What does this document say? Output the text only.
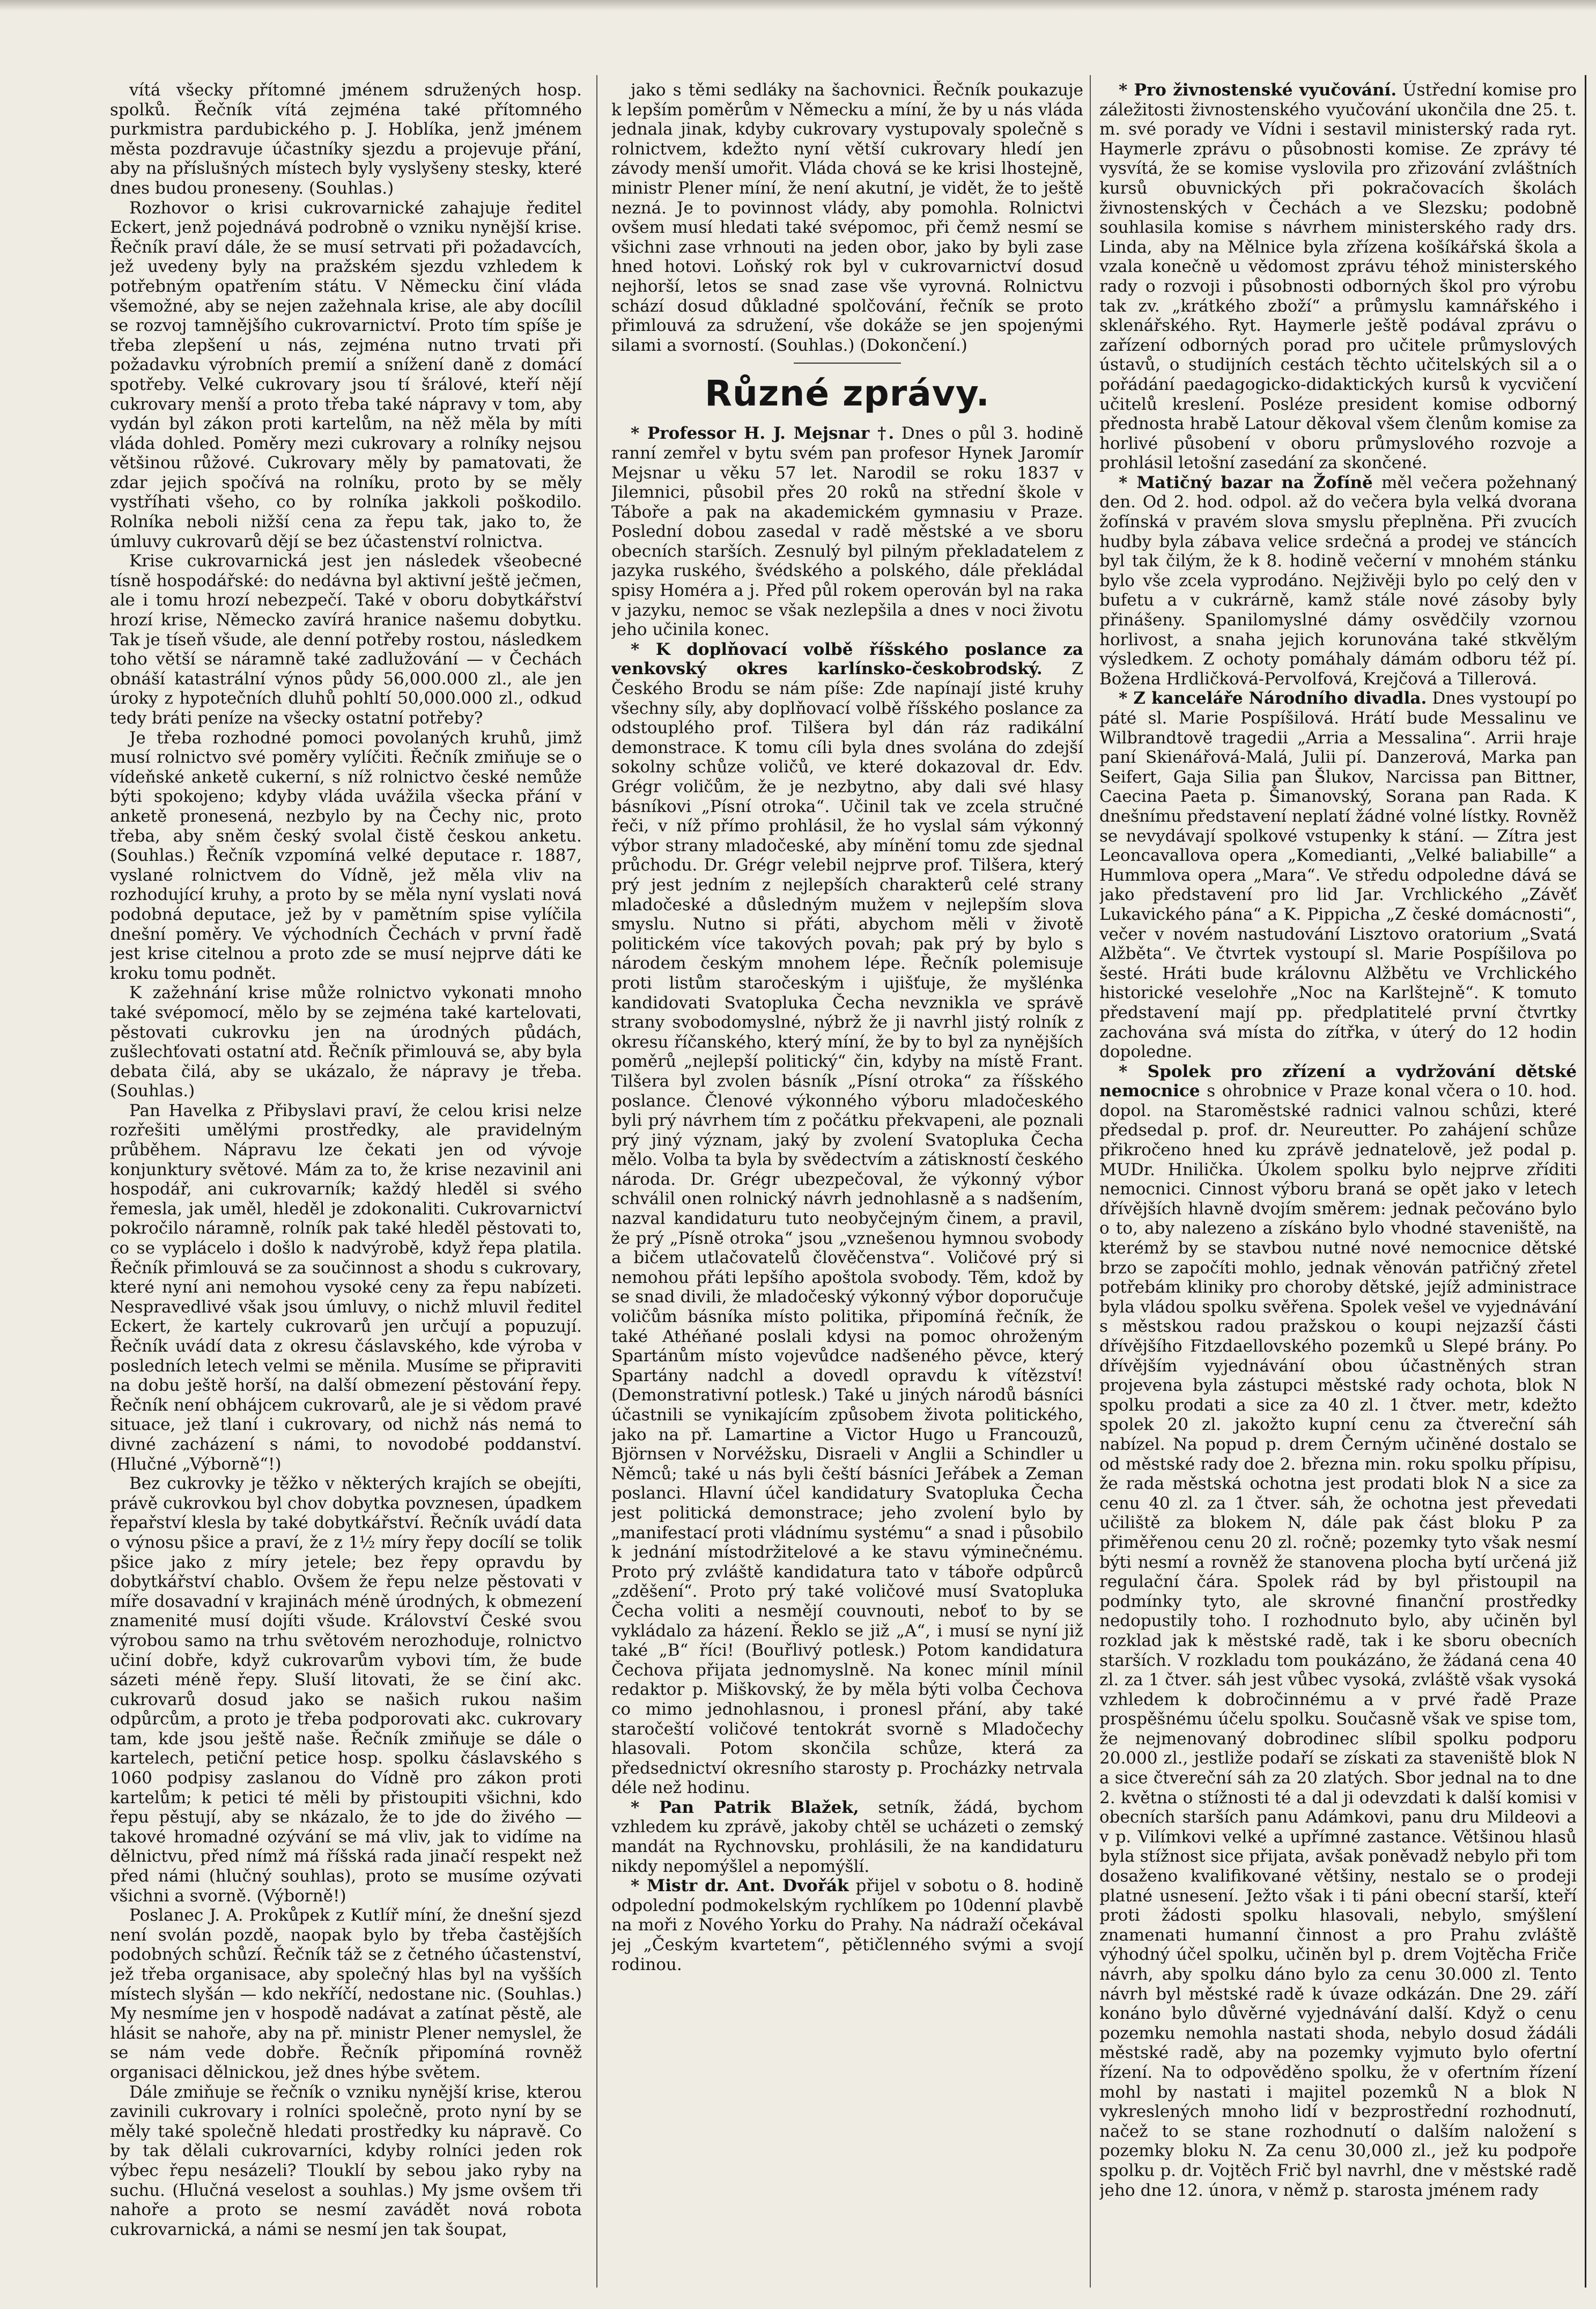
vítá všecky přítomné jménem sdružených hosp. spolků. Řečník vítá zejména také přítomného purkmistra pardubického p. J. Hoblíka, jenž jménem města pozdravuje účastníky sjezdu a projevuje přání, aby na příslušných místech byly vyslyšeny stesky, které dnes budou proneseny. (Souhlas.)

Rozhovor o krisi cukrovarnické zahajuje ředitel Eckert, jenž pojednává podrobně o vzniku nynější krise. Řečník praví dále, že se musí setrvati při požadavcích, jež uvedeny byly na pražském sjezdu vzhledem k potřebným opatřením státu. V Německu činí vláda všemožné, aby se nejen zažehnala krise, ale aby docílil se rozvoj tamnějšího cukrovarnictví. Proto tím spíše je třeba zlepšení u nás, zejména nutno trvati při požadavku výrobních premií a snížení daně z domácí spotřeby. Velké cukrovary jsou tí šrálové, kteří nějí cukrovary menší a proto třeba také nápravy v tom, aby vydán byl zákon proti kartelům, na něž měla by míti vláda dohled. Poměry mezi cukrovary a rolníky nejsou většinou růžové. Cukrovary měly by pamatovati, že zdar jejich spočívá na rolníku, proto by se měly vystříhati všeho, co by rolníka jakkoli poškodilo. Rolníka neboli nižší cena za řepu tak, jako to, že úmluvy cukrovarů dějí se bez účastenství rolnictva.

Krise cukrovarnická jest jen následek všeobecné tísně hospodářské: do nedávna byl aktivní ještě ječmen, ale i tomu hrozí nebezpečí. Také v oboru dobytkářství hrozí krise, Německo zavírá hranice našemu dobytku. Tak je tíseň všude, ale denní potřeby rostou, následkem toho větší se náramně také zadlužování — v Čechách obnáší katastrální výnos půdy 56,000.000 zl., ale jen úroky z hypotečních dluhů pohltí 50,000.000 zl., odkud tedy bráti peníze na všecky ostatní potřeby?

Je třeba rozhodné pomoci povolaných kruhů, jimž musí rolnictvo své poměry vylíčiti. Řečník zmiňuje se o vídeňské anketě cukerní, s níž rolnictvo české nemůže býti spokojeno; kdyby vláda uvážila všecka přání v anketě pronesená, nezbylo by na Čechy nic, proto třeba, aby sněm český svolal čistě českou anketu. (Souhlas.) Řečník vzpomíná velké deputace r. 1887, vyslané rolnictvem do Vídně, jež měla vliv na rozhodující kruhy, a proto by se měla nyní vyslati nová podobná deputace, jež by v pamětním spise vylíčila dnešní poměry. Ve východních Čechách v první řadě jest krise citelnou a proto zde se musí nejprve dáti ke kroku tomu podnět.

K zažehnání krise může rolnictvo vykonati mnoho také svépomocí, mělo by se zejména také kartelovati, pěstovati cukrovku jen na úrodných půdách, zušlechťovati ostatní atd. Řečník přimlouvá se, aby byla debata čilá, aby se ukázalo, že nápravy je třeba. (Souhlas.)

Pan Havelka z Přibyslavi praví, že celou krisi nelze rozřešiti umělými prostředky, ale pravidelným průběhem. Nápravu lze čekati jen od vývoje konjunktury světové. Mám za to, že krise nezavinil ani hospodář, ani cukrovarník; každý hleděl si svého řemesla, jak uměl, hleděl je zdokonaliti. Cukrovarnictví pokročilo náramně, rolník pak také hleděl pěstovati to, co se vyplácelo i došlo k nadvýrobě, když řepa platila. Řečník přimlouvá se za součinnost a shodu s cukrovary, které nyní ani nemohou vysoké ceny za řepu nabízeti. Nespravedlivé však jsou úmluvy, o nichž mluvil ředitel Eckert, že kartely cukrovarů jen určují a popuzují. Řečník uvádí data z okresu čáslavského, kde výroba v posledních letech velmi se měnila. Musíme se připraviti na dobu ještě horší, na další obmezení pěstování řepy. Řečník není obhájcem cukrovarů, ale je si vědom pravé situace, jež tlaní i cukrovary, od nichž nás nemá to divné zacházení s námi, to novodobé poddanství. (Hlučné „Výborně“!)

Bez cukrovky je těžko v některých krajích se obejíti, právě cukrovkou byl chov dobytka povznesen, úpadkem řepařství klesla by také dobytkářství. Řečník uvádí data o výnosu pšice a praví, že z 1½ míry řepy docílí se tolik pšice jako z míry jetele; bez řepy opravdu by dobytkářství chablo. Ovšem že řepu nelze pěstovati v míře dosavadní v krajinách méně úrodných, k obmezení znamenité musí dojíti všude. Království České svou výrobou samo na trhu světovém nerozhoduje, rolnictvo učiní dobře, když cukrovarům vybovi tím, že bude sázeti méně řepy. Sluší litovati, že se činí akc. cukrovarů dosud jako se našich rukou našim odpůrcům, a proto je třeba podporovati akc. cukrovary tam, kde jsou ještě naše. Řečník zmiňuje se dále o kartelech, petiční petice hosp. spolku čáslavského s 1060 podpisy zaslanou do Vídně pro zákon proti kartelům; k petici té měli by přistoupiti všichni, kdo řepu pěstují, aby se nkázalo, že to jde do živého — takové hromadné ozývání se má vliv, jak to vidíme na dělnictvu, před nímž má říšská rada jinačí respekt než před námi (hlučný souhlas), proto se musíme ozývati všichni a svorně. (Výborně!)

Poslanec J. A. Prokůpek z Kutlíř míní, že dnešní sjezd není svolán pozdě, naopak bylo by třeba častějších podobných schůzí. Řečník táž se z četného účastenství, jež třeba organisace, aby společný hlas byl na vyšších místech slyšán — kdo nekříčí, nedostane nic. (Souhlas.) My nesmíme jen v hospodě nadávat a zatínat pěstě, ale hlásit se nahoře, aby na př. ministr Plener nemyslel, že se nám vede dobře. Řečník připomíná rovněž organisaci dělnickou, jež dnes hýbe světem.

Dále zmiňuje se řečník o vzniku nynější krise, kterou zavinili cukrovary i rolníci společně, proto nyní by se měly také společně hledati prostředky ku nápravě. Co by tak dělali cukrovarníci, kdyby rolníci jeden rok výbec řepu nesázeli? Tlouklí by sebou jako ryby na suchu. (Hlučná veselost a souhlas.) My jsme ovšem tři nahoře a proto se nesmí zavádět nová robota cukrovarnická, a námi se nesmí jen tak šoupat,

jako s těmi sedláky na šachovnici. Řečník poukazuje k lepším poměrům v Německu a míní, že by u nás vláda jednala jinak, kdyby cukrovary vystupovaly společně s rolnictvem, kdežto nyní větší cukrovary hledí jen závody menší umořit. Vláda chová se ke krisi lhostejně, ministr Plener míní, že není akutní, je vidět, že to ještě nezná. Je to povinnost vlády, aby pomohla. Rolnictvi ovšem musí hledati také svépomoc, při čemž nesmí se všichni zase vrhnouti na jeden obor, jako by byli zase hned hotovi. Loňský rok byl v cukrovarnictví dosud nejhorší, letos se snad zase vše vyrovná. Rolnictvu schází dosud důkladné spolčování, řečník se proto přimlouvá za sdružení, vše dokáže se jen spojenými silami a svorností. (Souhlas.) (Dokončení.)

Různé zprávy.

* Professor H. J. Mejsnar †. Dnes o půl 3. hodině ranní zemřel v bytu svém pan profesor Hynek Jaromír Mejsnar u věku 57 let. Narodil se roku 1837 v Jilemnici, působil přes 20 roků na střední škole v Táboře a pak na akademickém gymnasiu v Praze. Poslední dobou zasedal v radě městské a ve sboru obecních starších. Zesnulý byl pilným překladatelem z jazyka ruského, švédského a polského, dále překládal spisy Homéra a j. Před půl rokem operován byl na raka v jazyku, nemoc se však nezlepšila a dnes v noci životu jeho učinila konec.

* K doplňovací volbě říšského poslance za venkovský okres karlínsko-českobrodský. Z Českého Brodu se nám píše: Zde napínají jisté kruhy všechny síly, aby doplňovací volbě říšského poslance za odstouplého prof. Tilšera byl dán ráz radikální demonstrace. K tomu cíli byla dnes svolána do zdejší sokolny schůze voličů, ve které dokazoval dr. Edv. Grégr voličům, že je nezbytno, aby dali své hlasy básníkovi „Písní otroka“. Učinil tak ve zcela stručné řeči, v níž přímo prohlásil, že ho vyslal sám výkonný výbor strany mladočeské, aby mínění tomu zde sjednal průchodu. Dr. Grégr velebil nejprve prof. Tilšera, který prý jest jedním z nejlepších charakterů celé strany mladočeské a důsledným mužem v nejlepším slova smyslu. Nutno si přáti, abychom měli v životě politickém více takových povah; pak prý by bylo s národem českým mnohem lépe. Řečník polemisuje proti listům staročeským i ujišťuje, že myšlénka kandidovati Svatopluka Čecha nevznikla ve správě strany svobodomyslné, nýbrž že ji navrhl jistý rolník z okresu říčanského, který míní, že by to byl za nynějších poměrů „nejlepší politický“ čin, kdyby na místě Frant. Tilšera byl zvolen básník „Písní otroka“ za říšského poslance. Členové výkonného výboru mladočeského byli prý návrhem tím z počátku překvapeni, ale poznali prý jiný význam, jaký by zvolení Svatopluka Čecha mělo. Volba ta byla by svědectvím a zátiskností českého národa. Dr. Grégr ubezpečoval, že výkonný výbor schválil onen rolnický návrh jednohlasně a s nadšením, nazval kandidaturu tuto neobyčejným činem, a pravil, že prý „Písně otroka“ jsou „vznešenou hymnou svobody a bičem utlačovatelů člověčenstva“. Voličové prý si nemohou přáti lepšího apoštola svobody. Těm, kdož by se snad divili, že mladočeský výkonný výbor doporučuje voličům básníka místo politika, připomíná řečník, že také Athéňané poslali kdysi na pomoc ohroženým Spartánům místo vojevůdce nadšeného pěvce, který Spartány nadchl a dovedl opravdu k vítězství! (Demonstrativní potlesk.) Také u jiných národů básníci účastnili se vynikajícím způsobem života politického, jako na př. Lamartine a Victor Hugo u Francouzů, Björnsen v Norvéžsku, Disraeli v Anglii a Schindler u Němců; také u nás byli čeští básníci Jeřábek a Zeman poslanci. Hlavní účel kandidatury Svatopluka Čecha jest politická demonstrace; jeho zvolení bylo by „manifestací proti vládnímu systému“ a snad i působilo k jednání místodržitelové a ke stavu výminečnému. Proto prý zvláště kandidatura tato v táboře odpůrců „zděšení“. Proto prý také voličové musí Svatopluka Čecha voliti a nesmějí couvnouti, neboť to by se vykládalo za házení. Řeklo se již „A“, i musí se nyní již také „B“ říci! (Bouřlivý potlesk.) Potom kandidatura Čechova přijata jednomyslně. Na konec mínil mínil redaktor p. Miškovský, že by měla býti volba Čechova co mimo jednohlasnou, i pronesl přání, aby také staročeští voličové tentokrát svorně s Mladočechy hlasovali. Potom skončila schůze, která za předsednictví okresního starosty p. Procházky netrvala déle než hodinu.

* Pan Patrik Blažek, setník, žádá, bychom vzhledem ku zprávě, jakoby chtěl se ucházeti o zemský mandát na Rychnovsku, prohlásili, že na kandidaturu nikdy nepomýšlel a nepomýšlí.

* Mistr dr. Ant. Dvořák přijel v sobotu o 8. hodině odpolední podmokelským rychlíkem po 10denní plavbě na moři z Nového Yorku do Prahy. Na nádraží očekával jej „Českým kvartetem“, pětičlenného svými a svojí rodinou.

* Pro živnostenské vyučování. Ústřední komise pro záležitosti živnostenského vyučování ukončila dne 25. t. m. své porady ve Vídni i sestavil ministerský rada ryt. Haymerle zprávu o působnosti komise. Ze zprávy té vysvítá, že se komise vyslovila pro zřizování zvláštních kursů obuvnických při pokračovacích školách živnostenských v Čechách a ve Slezsku; podobně souhlasila komise s návrhem ministerského rady drs. Linda, aby na Mělnice byla zřízena košíkářská škola a vzala konečně u vědomost zprávu téhož ministerského rady o rozvoji i působnosti odborných škol pro výrobu tak zv. „krátkého zboží“ a průmyslu kamnářského i sklenářského. Ryt. Haymerle ještě podával zprávu o zařízení odborných porad pro učitele průmyslových ústavů, o studijních cestách těchto učitelských sil a o pořádání paedagogicko-didaktických kursů k vycvičení učitelů kreslení. Posléze president komise odborný přednosta hrabě Latour děkoval všem členům komise za horlivé působení v oboru průmyslového rozvoje a prohlásil letošní zasedání za skončené.

* Matičný bazar na Žofíně měl večera požehnaný den. Od 2. hod. odpol. až do večera byla velká dvorana žofínská v pravém slova smyslu přeplněna. Při zvucích hudby byla zábava velice srdečná a prodej ve stáncích byl tak čilým, že k 8. hodině večerní v mnohém stánku bylo vše zcela vyprodáno. Nejživěji bylo po celý den v bufetu a v cukrárně, kamž stále nové zásoby byly přinášeny. Spanilomyslné dámy osvědčily vzornou horlivost, a snaha jejich korunována také stkvělým výsledkem. Z ochoty pomáhaly dámám odboru též pí. Božena Hrdličková-Pervolfová, Krejčová a Tillerová.

* Z kanceláře Národního divadla. Dnes vystoupí po páté sl. Marie Pospíšilová. Hrátí bude Messalinu ve Wilbrandtově tragedii „Arria a Messalina“. Arrii hraje paní Skienářová-Malá, Julii pí. Danzerová, Marka pan Seifert, Gaja Silia pan Šlukov, Narcissa pan Bittner, Caecina Paeta p. Šimanovský, Sorana pan Rada. K dnešnímu představení neplatí žádné volné lístky. Rovněž se nevydávají spolkové vstupenky k stání. — Zítra jest Leoncavallova opera „Komedianti, „Velké baliabille“ a Hummlova opera „Mara“. Ve středu odpoledne dává se jako představení pro lid Jar. Vrchlického „Závěť Lukavického pána“ a K. Pippicha „Z české domácnosti“, večer v novém nastudování Lisztovo oratorium „Svatá Alžběta“. Ve čtvrtek vystoupí sl. Marie Pospíšilova po šesté. Hráti bude královnu Alžbětu ve Vrchlického historické veselohře „Noc na Karlštejně“. K tomuto představení mají pp. předplatitelé první čtvrtky zachována svá místa do zítřka, v úterý do 12 hodin dopoledne.

* Spolek pro zřízení a vydržování dětské nemocnice s ohrobnice v Praze konal včera o 10. hod. dopol. na Staroměstské radnici valnou schůzi, které předsedal p. prof. dr. Neureutter. Po zahájení schůze přikročeno hned ku zprávě jednatelově, jež podal p. MUDr. Hnilička. Úkolem spolku bylo nejprve zříditi nemocnici. Cinnost výboru braná se opět jako v letech dřívějších hlavně dvojím směrem: jednak pečováno bylo o to, aby nalezeno a získáno bylo vhodné staveniště, na kterémž by se stavbou nutné nové nemocnice dětské brzo se započíti mohlo, jednak věnován patřičný zřetel potřebám kliniky pro choroby dětské, jejíž administrace byla vládou spolku svěřena. Spolek vešel ve vyjednávání s městskou radou pražskou o koupi nejzazší části dřívějšího Fitzdaellovského pozemků u Slepé brány. Po dřívějším vyjednávání obou účastněných stran projevena byla zástupci městské rady ochota, blok N spolku prodati a sice za 40 zl. 1 čtver. metr, kdežto spolek 20 zl. jakožto kupní cenu za čtvereční sáh nabízel. Na popud p. drem Černým učiněné dostalo se od městské rady doe 2. března min. roku spolku přípisu, že rada městská ochotna jest prodati blok N a sice za cenu 40 zl. za 1 čtver. sáh, že ochotna jest převedati učiliště za blokem N, dále pak část bloku P za přiměřenou cenu 20 zl. ročně; pozemky tyto však nesmí býti nesmí a rovněž že stanovena plocha bytí určená již regulační čára. Spolek rád by byl přistoupil na podmínky tyto, ale skrovné finanční prostředky nedopustily toho. I rozhodnuto bylo, aby učiněn byl rozklad jak k městské radě, tak i ke sboru obecních starších. V rozkladu tom poukázáno, že žádaná cena 40 zl. za 1 čtver. sáh jest vůbec vysoká, zvláště však vysoká vzhledem k dobročinnému a v prvé řadě Praze prospěšnému účelu spolku. Současně však ve spise tom, že nejmenovaný dobrodinec slíbil spolku podporu 20.000 zl., jestliže podaří se získati za staveniště blok N a sice čtvereční sáh za 20 zlatých. Sbor jednal na to dne 2. května o stížnosti té a dal ji odevzdati k další komisi v obecních starších panu Adámkovi, panu dru Mildeovi a v p. Vilímkovi velké a upřímné zastance. Většinou hlasů byla stížnost sice přijata, avšak poněvadž nebylo při tom dosaženo kvalifikované většiny, nestalo se o prodeji platné usnesení. Ježto však i ti páni obecní starší, kteří proti žádosti spolku hlasovali, nebylo, smýšlení znamenati humanní činnost a pro Prahu zvláště výhodný účel spolku, učiněn byl p. drem Vojtěcha Friče návrh, aby spolku dáno bylo za cenu 30.000 zl. Tento návrh byl městské radě k úvaze odkázán. Dne 29. září konáno bylo důvěrné vyjednávání další. Když o cenu pozemku nemohla nastati shoda, nebylo dosud žádáli městské radě, aby na pozemky vyjmuto bylo ofertní řízení. Na to odpověděno spolku, že v ofertním řízení mohl by nastati i majitel pozemků N a blok N vykreslených mnoho lidí v bezprostřední rozhodnutí, načež to se stane rozhodnutí o dalším naložení s pozemky bloku N. Za cenu 30,000 zl., jež ku podpoře spolku p. dr. Vojtěch Frič byl navrhl, dne v městské radě jeho dne 12. února, v němž p. starosta jménem rady
